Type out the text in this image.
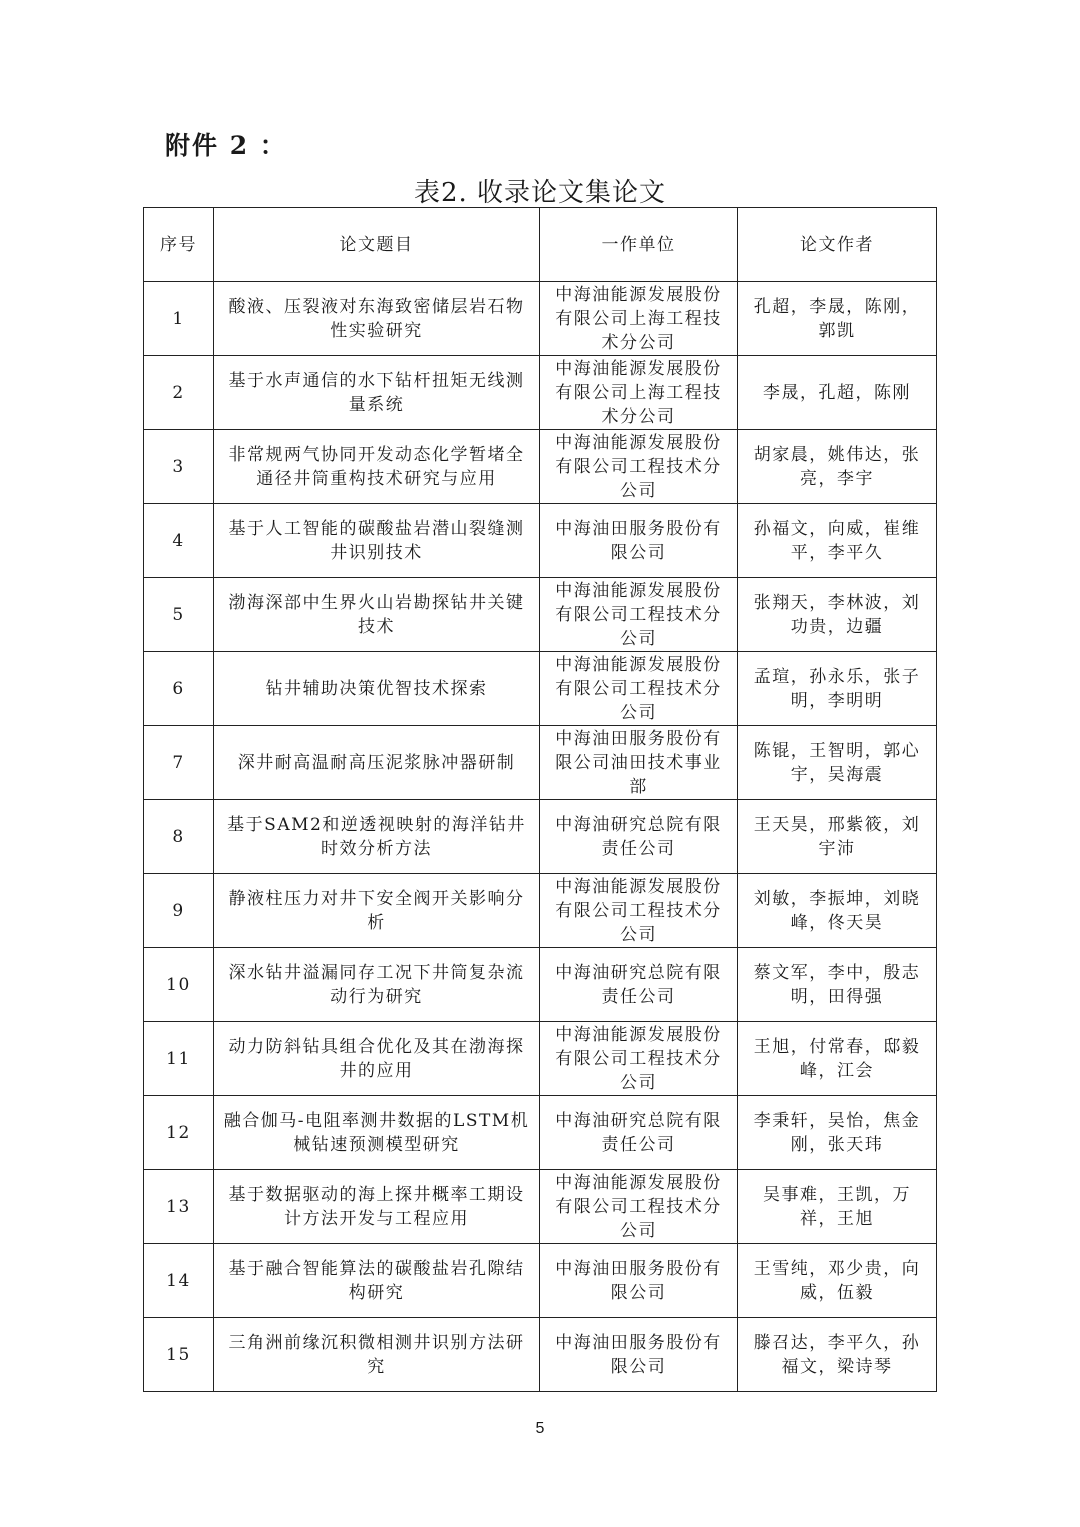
附件 2 ：
表2. 收录论文集论文
序号	论文题目	一作单位	论文作者
1	酸液、压裂液对东海致密储层岩石物性实验研究	中海油能源发展股份有限公司上海工程技术分公司	孔超，李晟，陈刚，郭凯
2	基于水声通信的水下钻杆扭矩无线测量系统	中海油能源发展股份有限公司上海工程技术分公司	李晟，孔超，陈刚
3	非常规两气协同开发动态化学暂堵全通径井筒重构技术研究与应用	中海油能源发展股份有限公司工程技术分公司	胡家晨，姚伟达，张亮，李宇
4	基于人工智能的碳酸盐岩潜山裂缝测井识别技术	中海油田服务股份有限公司	孙福文，向威，崔维平，李平久
5	渤海深部中生界火山岩勘探钻井关键技术	中海油能源发展股份有限公司工程技术分公司	张翔天，李林波，刘功贵，边疆
6	钻井辅助决策优智技术探索	中海油能源发展股份有限公司工程技术分公司	孟瑄，孙永乐，张子明，李明明
7	深井耐高温耐高压泥浆脉冲器研制	中海油田服务股份有限公司油田技术事业部	陈锟，王智明，郭心宇，吴海震
8	基于SAM2和逆透视映射的海洋钻井时效分析方法	中海油研究总院有限责任公司	王天昊，邢紫筱，刘宇沛
9	静液柱压力对井下安全阀开关影响分析	中海油能源发展股份有限公司工程技术分公司	刘敏，李振坤，刘晓峰，佟天昊
10	深水钻井溢漏同存工况下井筒复杂流动行为研究	中海油研究总院有限责任公司	蔡文军，李中，殷志明，田得强
11	动力防斜钻具组合优化及其在渤海探井的应用	中海油能源发展股份有限公司工程技术分公司	王旭，付常春，邸毅峰，江会
12	融合伽马-电阻率测井数据的LSTM机械钻速预测模型研究	中海油研究总院有限责任公司	李秉轩，吴怡，焦金刚，张天玮
13	基于数据驱动的海上探井概率工期设计方法开发与工程应用	中海油能源发展股份有限公司工程技术分公司	吴事难，王凯，万祥，王旭
14	基于融合智能算法的碳酸盐岩孔隙结构研究	中海油田服务股份有限公司	王雪纯，邓少贵，向威，伍毅
15	三角洲前缘沉积微相测井识别方法研究	中海油田服务股份有限公司	滕召达，李平久，孙福文，梁诗琴
5
